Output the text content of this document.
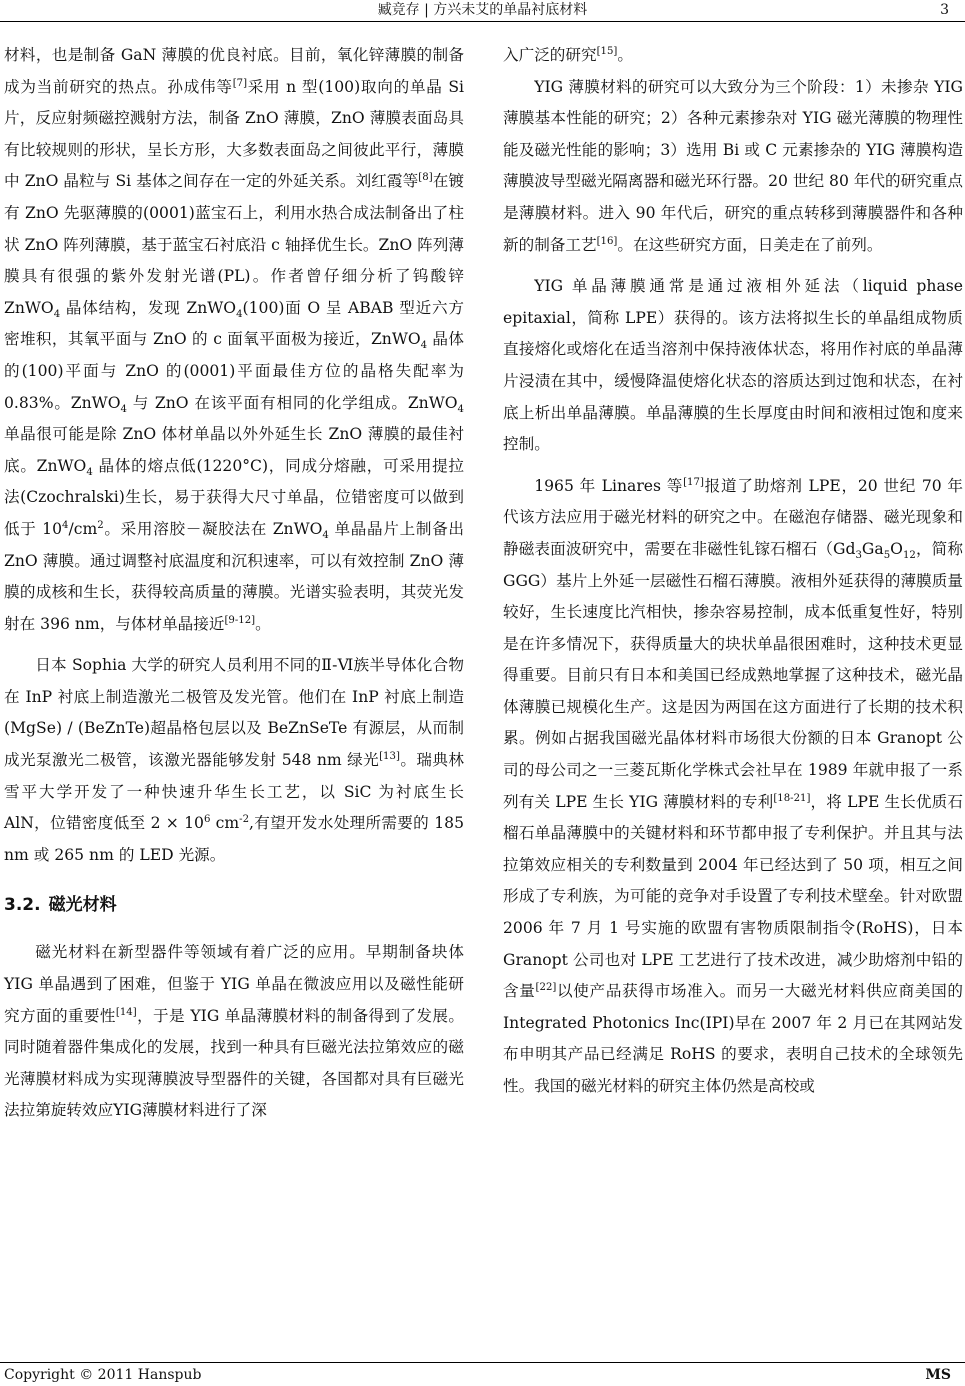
臧竞存 | 方兴未艾的单晶衬底材料	3

材料，也是制备 GaN 薄膜的优良衬底。目前，氧化锌薄膜的制备成为当前研究的热点。孙成伟等[7]采用 n 型(100)取向的单晶 Si 片，反应射频磁控溅射方法，制备 ZnO 薄膜，ZnO 薄膜表面岛具有比较规则的形状，呈长方形，大多数表面岛之间彼此平行，薄膜中 ZnO 晶粒与 Si 基体之间存在一定的外延关系。刘红霞等[8]在镀有 ZnO 先驱薄膜的(0001)蓝宝石上，利用水热合成法制备出了柱状 ZnO 阵列薄膜，基于蓝宝石衬底沿 c 轴择优生长。ZnO 阵列薄膜具有很强的紫外发射光谱(PL)。作者曾仔细分析了钨酸锌 ZnWO$_4$ 晶体结构，发现 ZnWO$_4$(100)面 O 呈 ABAB 型近六方密堆积，其氧平面与 ZnO 的 c 面氧平面极为接近，ZnWO$_4$ 晶体的(100)平面与 ZnO 的(0001)平面最佳方位的晶格失配率为 0.83%。ZnWO$_4$ 与 ZnO 在该平面有相同的化学组成。ZnWO$_4$ 单晶很可能是除 ZnO 体材单晶以外外延生长 ZnO 薄膜的最佳衬底。ZnWO$_4$ 晶体的熔点低(1220°C)，同成分熔融，可采用提拉法(Czochralski)生长，易于获得大尺寸单晶，位错密度可以做到低于 $10^4/cm^2$。采用溶胶－凝胶法在 ZnWO$_4$ 单晶晶片上制备出 ZnO 薄膜。通过调整衬底温度和沉积速率，可以有效控制 ZnO 薄膜的成核和生长，获得较高质量的薄膜。光谱实验表明，其荧光发射在 396 nm，与体材单晶接近[9-12]。

日本 Sophia 大学的研究人员利用不同的Ⅱ-Ⅵ族半导体化合物在 InP 衬底上制造激光二极管及发光管。他们在 InP 衬底上制造(MgSe) / (BeZnTe)超晶格包层以及 BeZnSeTe 有源层，从而制成光泵激光二极管，该激光器能够发射 548 nm 绿光[13]。瑞典林雪平大学开发了一种快速升华生长工艺，以 SiC 为衬底生长 AlN，位错密度低至 $2 \times 10^6$ $cm^{-2}$,有望开发水处理所需要的 185 nm 或 265 nm 的 LED 光源。

3.2. 磁光材料

磁光材料在新型器件等领域有着广泛的应用。早期制备块体 YIG 单晶遇到了困难，但鉴于 YIG 单晶在微波应用以及磁性能研究方面的重要性[14]，于是 YIG 单晶薄膜材料的制备得到了发展。同时随着器件集成化的发展，找到一种具有巨磁光法拉第效应的磁光薄膜材料成为实现薄膜波导型器件的关键，各国都对具有巨磁光法拉第旋转效应YIG薄膜材料进行了深

入广泛的研究[15]。

YIG 薄膜材料的研究可以大致分为三个阶段：1）未掺杂 YIG 薄膜基本性能的研究；2）各种元素掺杂对 YIG 磁光薄膜的物理性能及磁光性能的影响；3）选用 Bi 或 C 元素掺杂的 YIG 薄膜构造薄膜波导型磁光隔离器和磁光环行器。20 世纪 80 年代的研究重点是薄膜材料。进入 90 年代后，研究的重点转移到薄膜器件和各种新的制备工艺[16]。在这些研究方面，日美走在了前列。

YIG 单晶薄膜通常是通过液相外延法（liquid phase epitaxial，简称 LPE）获得的。该方法将拟生长的单晶组成物质直接熔化或熔化在适当溶剂中保持液体状态，将用作衬底的单晶薄片浸渍在其中，缓慢降温使熔化状态的溶质达到过饱和状态，在衬底上析出单晶薄膜。单晶薄膜的生长厚度由时间和液相过饱和度来控制。

1965 年 Linares 等[17]报道了助熔剂 LPE，20 世纪 70 年代该方法应用于磁光材料的研究之中。在磁泡存储器、磁光现象和静磁表面波研究中，需要在非磁性钆镓石榴石（$Gd_3Ga_5O_{12}$，简称 GGG）基片上外延一层磁性石榴石薄膜。液相外延获得的薄膜质量较好，生长速度比汽相快，掺杂容易控制，成本低重复性好，特别是在许多情况下，获得质量大的块状单晶很困难时，这种技术更显得重要。目前只有日本和美国已经成熟地掌握了这种技术，磁光晶体薄膜已规模化生产。这是因为两国在这方面进行了长期的技术积累。例如占据我国磁光晶体材料市场很大份额的日本 Granopt 公司的母公司之一三菱瓦斯化学株式会社早在 1989 年就申报了一系列有关 LPE 生长 YIG 薄膜材料的专利[18-21]，将 LPE 生长优质石榴石单晶薄膜中的关键材料和环节都申报了专利保护。并且其与法拉第效应相关的专利数量到 2004 年已经达到了 50 项，相互之间形成了专利族，为可能的竞争对手设置了专利技术壁垒。针对欧盟 2006 年 7 月 1 号实施的欧盟有害物质限制指令(RoHS)，日本 Granopt 公司也对 LPE 工艺进行了技术改进，减少助熔剂中铅的含量[22]以使产品获得市场准入。而另一大磁光材料供应商美国的 Integrated Photonics Inc(IPI)早在 2007 年 2 月已在其网站发布申明其产品已经满足 RoHS 的要求，表明自己技术的全球领先性。我国的磁光材料的研究主体仍然是高校或

Copyright © 2011 Hanspub	MS
